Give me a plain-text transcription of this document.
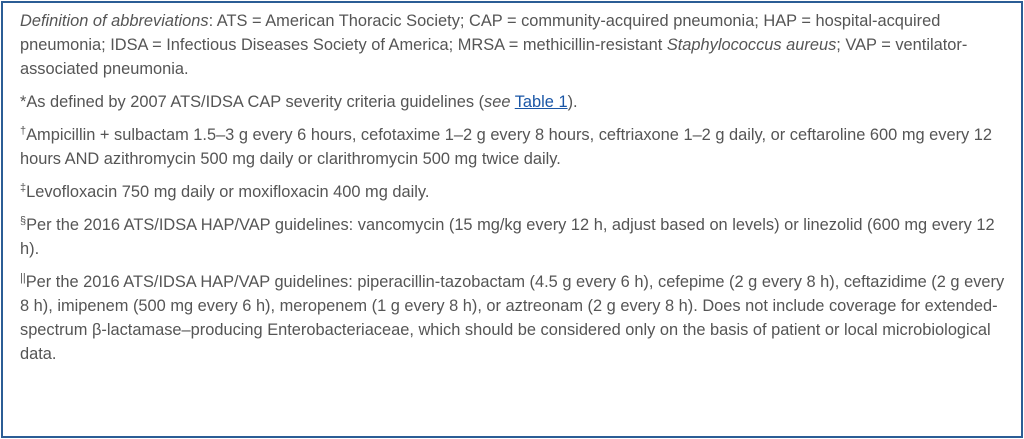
Definition of abbreviations: ATS = American Thoracic Society; CAP = community-acquired pneumonia; HAP = hospital-acquired pneumonia; IDSA = Infectious Diseases Society of America; MRSA = methicillin-resistant Staphylococcus aureus; VAP = ventilator-associated pneumonia.

*As defined by 2007 ATS/IDSA CAP severity criteria guidelines (see Table 1).

†Ampicillin + sulbactam 1.5–3 g every 6 hours, cefotaxime 1–2 g every 8 hours, ceftriaxone 1–2 g daily, or ceftaroline 600 mg every 12 hours AND azithromycin 500 mg daily or clarithromycin 500 mg twice daily.

‡Levofloxacin 750 mg daily or moxifloxacin 400 mg daily.

§Per the 2016 ATS/IDSA HAP/VAP guidelines: vancomycin (15 mg/kg every 12 h, adjust based on levels) or linezolid (600 mg every 12 h).

||Per the 2016 ATS/IDSA HAP/VAP guidelines: piperacillin-tazobactam (4.5 g every 6 h), cefepime (2 g every 8 h), ceftazidime (2 g every 8 h), imipenem (500 mg every 6 h), meropenem (1 g every 8 h), or aztreonam (2 g every 8 h). Does not include coverage for extended-spectrum β-lactamase–producing Enterobacteriaceae, which should be considered only on the basis of patient or local microbiological data.
